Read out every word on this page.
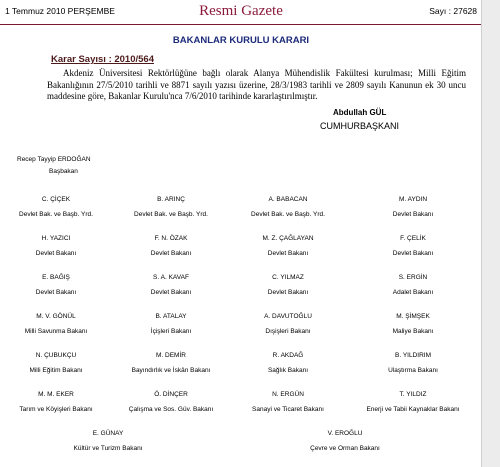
1 Temmuz 2010 PERŞEMBE	Resmi Gazete	Sayı : 27628
BAKANLAR KURULU KARARI
Karar Sayısı : 2010/564
Akdeniz Üniversitesi Rektörlüğüne bağlı olarak Alanya Mühendislik Fakültesi kurulması; Milli Eğitim Bakanlığının 27/5/2010 tarihli ve 8871 sayılı yazısı üzerine, 28/3/1983 tarihli ve 2809 sayılı Kanunun ek 30 uncu maddesine göre, Bakanlar Kurulu'nca 7/6/2010 tarihinde kararlaştırılmıştır.
Abdullah GÜL
CUMHURBAŞKANI
Recep Tayyip ERDOĞAN
Başbakan
C. ÇİÇEK
Devlet Bak. ve Başb. Yrd.
B. ARINÇ
Devlet Bak. ve Başb. Yrd.
A. BABACAN
Devlet Bak. ve Başb. Yrd.
M. AYDIN
Devlet Bakanı
H. YAZICI
Devlet Bakanı
F. N. ÖZAK
Devlet Bakanı
M. Z. ÇAĞLAYAN
Devlet Bakanı
F. ÇELİK
Devlet Bakanı
E. BAĞIŞ
Devlet Bakanı
S. A. KAVAF
Devlet Bakanı
C. YILMAZ
Devlet Bakanı
S. ERGİN
Adalet Bakanı
M. V. GÖNÜL
Milli Savunma Bakanı
B. ATALAY
İçişleri Bakanı
A. DAVUTOĞLU
Dışişleri Bakanı
M. ŞİMŞEK
Maliye Bakanı
N. ÇUBUKÇU
Milli Eğitim Bakanı
M. DEMİR
Bayındırlık ve İskân Bakanı
R. AKDAĞ
Sağlık Bakanı
B. YILDIRIM
Ulaştırma Bakanı
M. M. EKER
Tarım ve Köyişleri Bakanı
Ö. DİNÇER
Çalışma ve Sos. Güv. Bakanı
N. ERGÜN
Sanayi ve Ticaret Bakanı
T. YILDIZ
Enerji ve Tabii Kaynaklar Bakanı
E. GÜNAY
Kültür ve Turizm Bakanı
V. EROĞLU
Çevre ve Orman Bakanı
